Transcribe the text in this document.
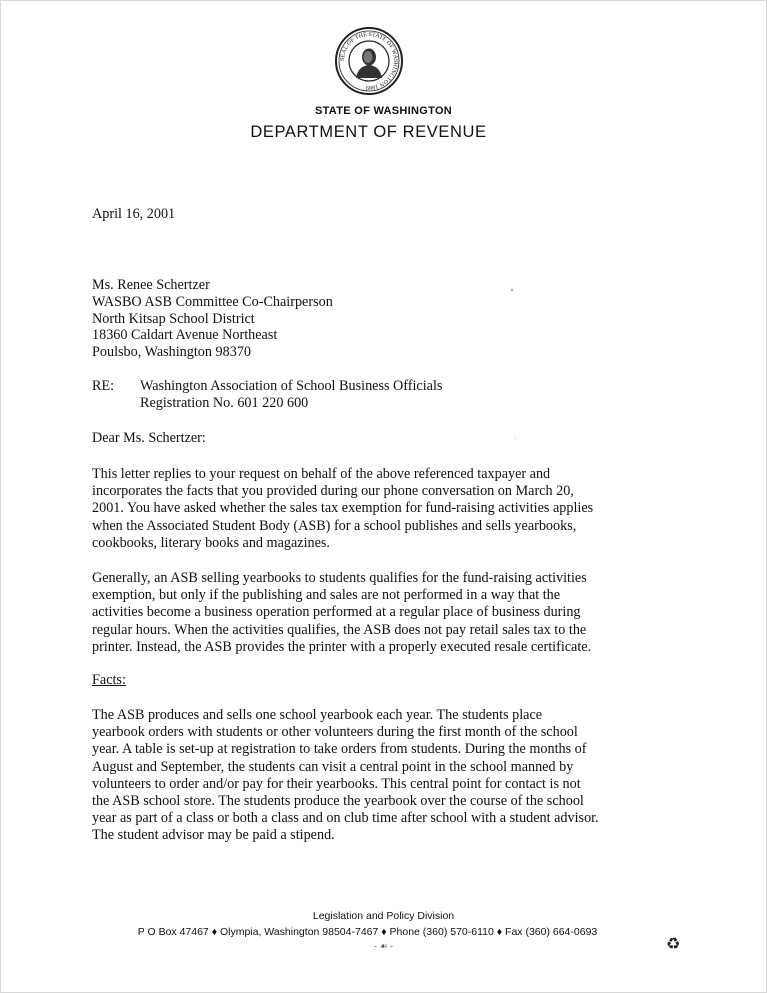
SEAL OF THE STATE OF WASHINGTON 1889
STATE OF WASHINGTON
DEPARTMENT OF REVENUE
April 16, 2001
Ms. Renee Schertzer
WASBO ASB Committee Co-Chairperson
North Kitsap School District
18360 Caldart Avenue Northeast
Poulsbo, Washington 98370
RE: Washington Association of School Business Officials
Registration No. 601 220 600
Dear Ms. Schertzer:
This letter replies to your request on behalf of the above referenced taxpayer and
incorporates the facts that you provided during our phone conversation on March 20,
2001. You have asked whether the sales tax exemption for fund-raising activities applies
when the Associated Student Body (ASB) for a school publishes and sells yearbooks,
cookbooks, literary books and magazines.
Generally, an ASB selling yearbooks to students qualifies for the fund-raising activities
exemption, but only if the publishing and sales are not performed in a way that the
activities become a business operation performed at a regular place of business during
regular hours. When the activities qualifies, the ASB does not pay retail sales tax to the
printer. Instead, the ASB provides the printer with a properly executed resale certificate.
Facts:
The ASB produces and sells one school yearbook each year. The students place
yearbook orders with students or other volunteers during the first month of the school
year. A table is set-up at registration to take orders from students. During the months of
August and September, the students can visit a central point in the school manned by
volunteers to order and/or pay for their yearbooks. This central point for contact is not
the ASB school store. The students produce the yearbook over the course of the school
year as part of a class or both a class and on club time after school with a student advisor.
The student advisor may be paid a stipend.
Legislation and Policy Division
P O Box 47467 ♦ Olympia, Washington 98504-7467 ♦ Phone (360) 570-6110 ♦ Fax (360) 664-0693
- ☙ -	♻
